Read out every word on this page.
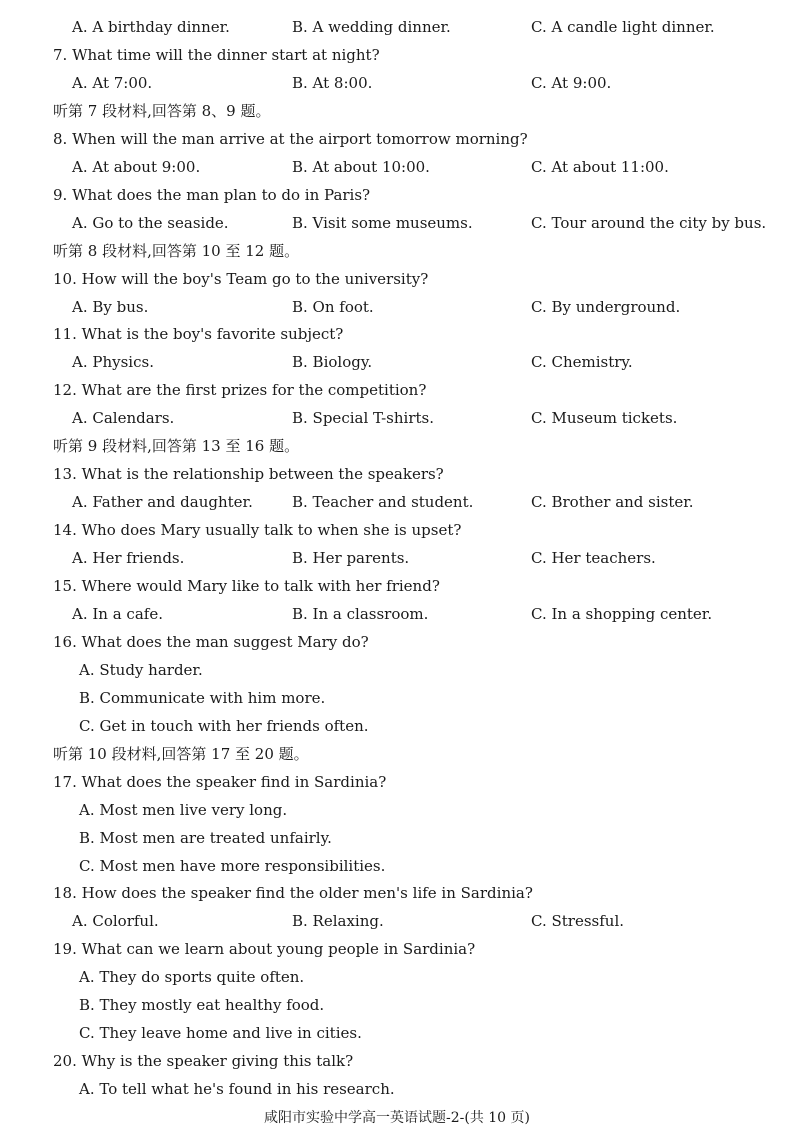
A. A birthday dinner.	B. A wedding dinner.	C. A candle light dinner.
7. What time will the dinner start at night?
A. At 7:00.	B. At 8:00.	C. At 9:00.
听第 7 段材料,回答第 8、9 题。
8. When will the man arrive at the airport tomorrow morning?
A. At about 9:00.	B. At about 10:00.	C. At about 11:00.
9. What does the man plan to do in Paris?
A. Go to the seaside.	B. Visit some museums.	C. Tour around the city by bus.
听第 8 段材料,回答第 10 至 12 题。
10. How will the boy's Team go to the university?
A. By bus.	B. On foot.	C. By underground.
11. What is the boy's favorite subject?
A. Physics.	B. Biology.	C. Chemistry.
12. What are the first prizes for the competition?
A. Calendars.	B. Special T-shirts.	C. Museum tickets.
听第 9 段材料,回答第 13 至 16 题。
13. What is the relationship between the speakers?
A. Father and daughter.	B. Teacher and student.	C. Brother and sister.
14. Who does Mary usually talk to when she is upset?
A. Her friends.	B. Her parents.	C. Her teachers.
15. Where would Mary like to talk with her friend?
A. In a cafe.	B. In a classroom.	C. In a shopping center.
16. What does the man suggest Mary do?
A. Study harder.
B. Communicate with him more.
C. Get in touch with her friends often.
听第 10 段材料,回答第 17 至 20 题。
17. What does the speaker find in Sardinia?
A. Most men live very long.
B. Most men are treated unfairly.
C. Most men have more responsibilities.
18. How does the speaker find the older men's life in Sardinia?
A. Colorful.	B. Relaxing.	C. Stressful.
19. What can we learn about young people in Sardinia?
A. They do sports quite often.
B. They mostly eat healthy food.
C. They leave home and live in cities.
20. Why is the speaker giving this talk?
A. To tell what he's found in his research.
咸阳市实验中学高一英语试题-2-(共 10 页)
